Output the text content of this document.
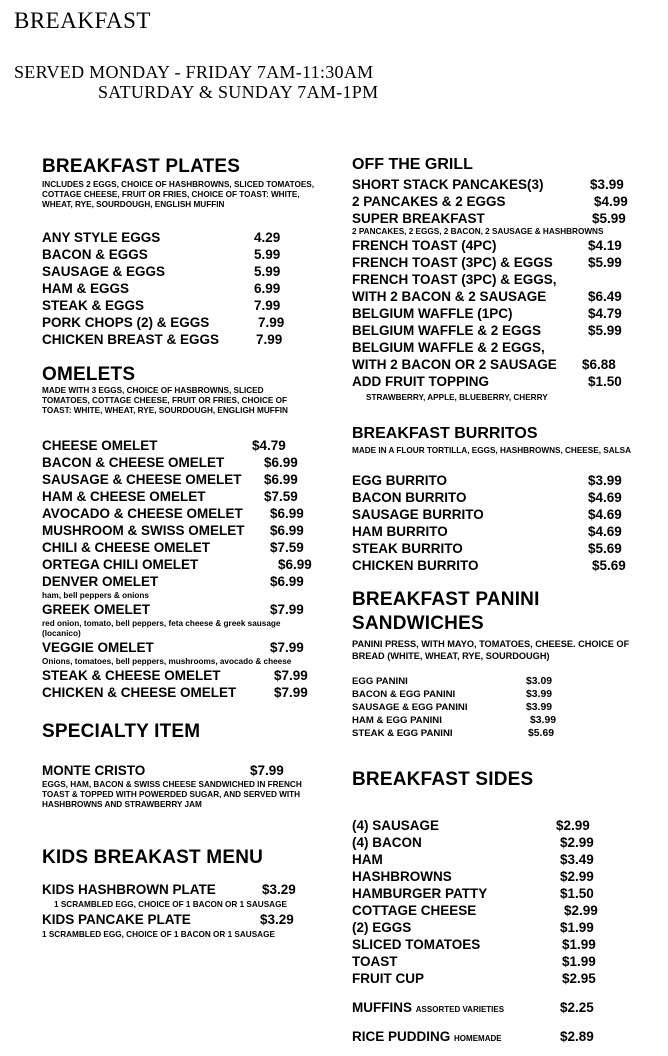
BREAKFAST
SERVED MONDAY - FRIDAY 7AM-11:30AM
SATURDAY & SUNDAY 7AM-1PM
BREAKFAST PLATES
INCLUDES 2 EGGS, CHOICE OF HASHBROWNS, SLICED TOMATOES,
COTTAGE CHEESE, FRUIT OR FRIES, CHOICE OF TOAST: WHITE,
WHEAT, RYE, SOURDOUGH, ENGLISH MUFFIN
ANY STYLE EGGS	4.29
BACON & EGGS	5.99
SAUSAGE & EGGS	5.99
HAM & EGGS	6.99
STEAK & EGGS	7.99
PORK CHOPS (2) & EGGS	7.99
CHICKEN BREAST & EGGS	7.99
OMELETS
MADE WITH 3 EGGS, CHOICE OF HASBROWNS, SLICED
TOMATOES, COTTAGE CHEESE, FRUIT OR FRIES, CHOICE OF
TOAST: WHITE, WHEAT, RYE, SOURDOUGH, ENGLIGH MUFFIN
CHEESE OMELET	$4.79
BACON & CHEESE OMELET	$6.99
SAUSAGE & CHEESE OMELET $6.99
HAM & CHEESE OMELET	$7.59
AVOCADO & CHEESE OMELET $6.99
MUSHROOM & SWISS OMELET $6.99
CHILI & CHEESE OMELET	$7.59
ORTEGA CHILI OMELET	$6.99
DENVER OMELET	$6.99
ham, bell peppers & onions
GREEK OMELET	$7.99
red onion, tomato, bell peppers, feta cheese & greek sausage
(locanico)
VEGGIE OMELET	$7.99
Onions, tomatoes, bell peppers, mushrooms, avocado & cheese
STEAK & CHEESE OMELET	$7.99
CHICKEN & CHEESE OMELET	$7.99
SPECIALTY ITEM
MONTE CRISTO	$7.99
EGGS, HAM, BACON & SWISS CHEESE SANDWICHED IN FRENCH
TOAST & TOPPED WITH POWERDED SUGAR, AND SERVED WITH
HASHBROWNS AND STRAWBERRY JAM
KIDS BREAKAST MENU
KIDS HASHBROWN PLATE	$3.29
1 SCRAMBLED EGG, CHOICE OF 1 BACON OR 1 SAUSAGE
KIDS PANCAKE PLATE	$3.29
1 SCRAMBLED EGG, CHOICE OF 1 BACON OR 1 SAUSAGE
OFF THE GRILL
SHORT STACK PANCAKES(3)	$3.99
2 PANCAKES & 2 EGGS	$4.99
SUPER BREAKFAST	$5.99
2 PANCAKES, 2 EGGS, 2 BACON, 2 SAUSAGE & HASHBROWNS
FRENCH TOAST (4PC)	$4.19
FRENCH TOAST (3PC) & EGGS	$5.99
FRENCH TOAST (3PC) & EGGS,
WITH 2 BACON & 2 SAUSAGE	$6.49
BELGIUM WAFFLE (1PC)	$4.79
BELGIUM WAFFLE & 2 EGGS	$5.99
BELGIUM WAFFLE & 2 EGGS,
WITH 2 BACON OR 2 SAUSAGE $6.88
ADD FRUIT TOPPING	$1.50
STRAWBERRY, APPLE, BLUEBERRY, CHERRY
BREAKFAST BURRITOS
MADE IN A FLOUR TORTILLA, EGGS, HASHBROWNS, CHEESE, SALSA
EGG BURRITO	$3.99
BACON BURRITO	$4.69
SAUSAGE BURRITO	$4.69
HAM BURRITO	$4.69
STEAK BURRITO	$5.69
CHICKEN BURRITO	$5.69
BREAKFAST PANINI
SANDWICHES
PANINI PRESS, WITH MAYO, TOMATOES, CHEESE. CHOICE OF
BREAD (WHITE, WHEAT, RYE, SOURDOUGH)
EGG PANINI	$3.09
BACON & EGG PANINI	$3.99
SAUSAGE & EGG PANINI	$3.99
HAM & EGG PANINI	$3.99
STEAK & EGG PANINI	$5.69
BREAKFAST SIDES
(4) SAUSAGE	$2.99
(4) BACON	$2.99
HAM	$3.49
HASHBROWNS	$2.99
HAMBURGER PATTY	$1.50
COTTAGE CHEESE	$2.99
(2) EGGS	$1.99
SLICED TOMATOES	$1.99
TOAST	$1.99
FRUIT CUP	$2.95
MUFFINS ASSORTED VARIETIES	$2.25
RICE PUDDING HOMEMADE	$2.89
